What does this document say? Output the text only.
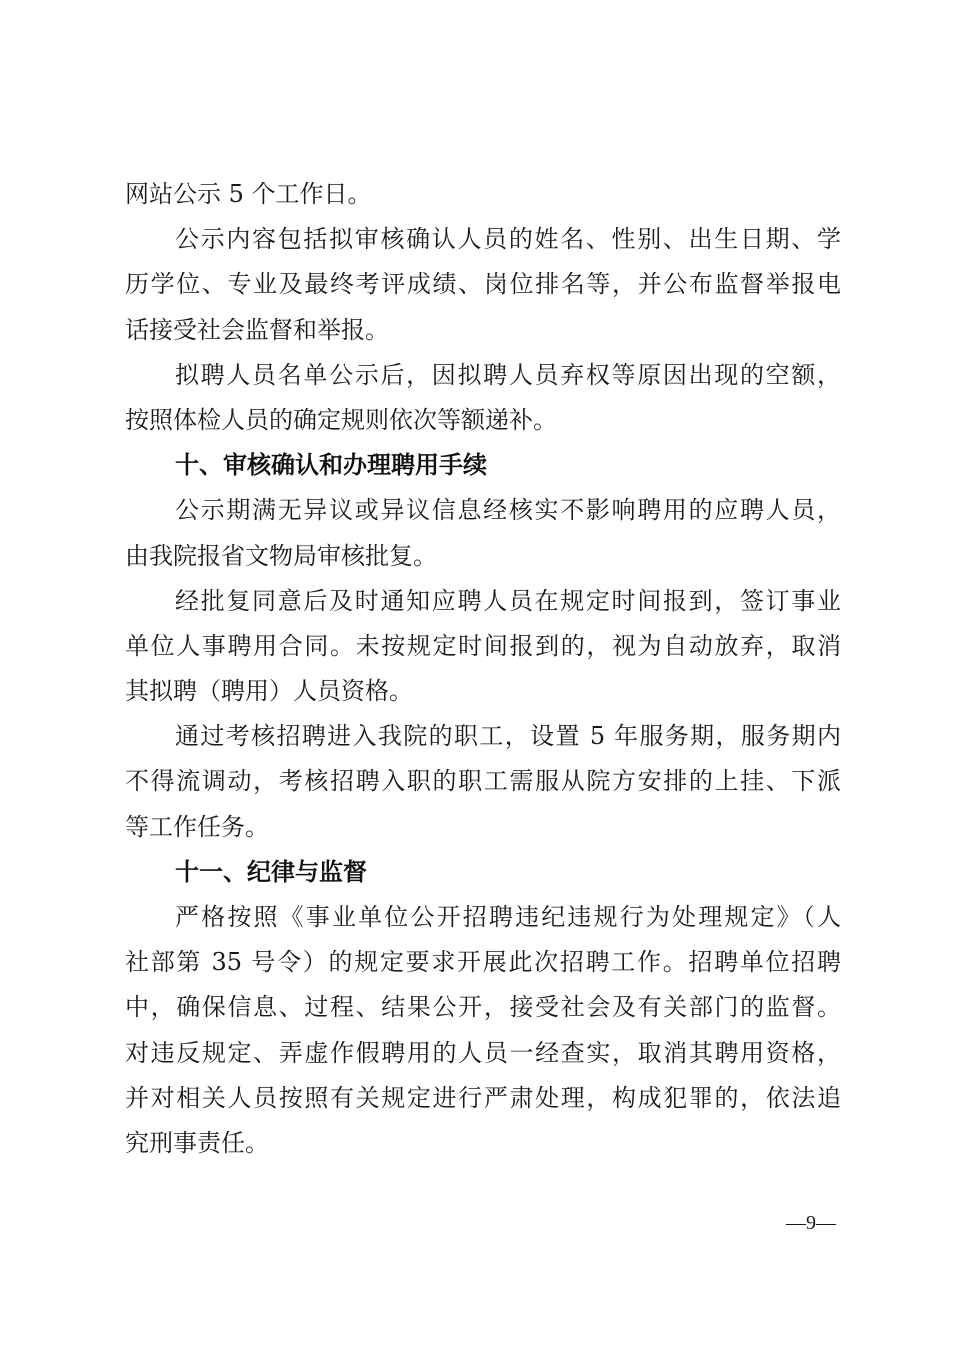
网站公示 5 个工作日。
公示内容包括拟审核确认人员的姓名、性别、出生日期、学
历学位、专业及最终考评成绩、岗位排名等，并公布监督举报电
话接受社会监督和举报。
拟聘人员名单公示后，因拟聘人员弃权等原因出现的空额，
按照体检人员的确定规则依次等额递补。
十、审核确认和办理聘用手续
公示期满无异议或异议信息经核实不影响聘用的应聘人员，
由我院报省文物局审核批复。
经批复同意后及时通知应聘人员在规定时间报到，签订事业
单位人事聘用合同。未按规定时间报到的，视为自动放弃，取消
其拟聘（聘用）人员资格。
通过考核招聘进入我院的职工，设置 5 年服务期，服务期内
不得流调动，考核招聘入职的职工需服从院方安排的上挂、下派
等工作任务。
十一、纪律与监督
严格按照《事业单位公开招聘违纪违规行为处理规定》（人
社部第 35 号令）的规定要求开展此次招聘工作。招聘单位招聘
中，确保信息、过程、结果公开，接受社会及有关部门的监督。
对违反规定、弄虚作假聘用的人员一经查实，取消其聘用资格，
并对相关人员按照有关规定进行严肃处理，构成犯罪的，依法追
究刑事责任。
—9—
